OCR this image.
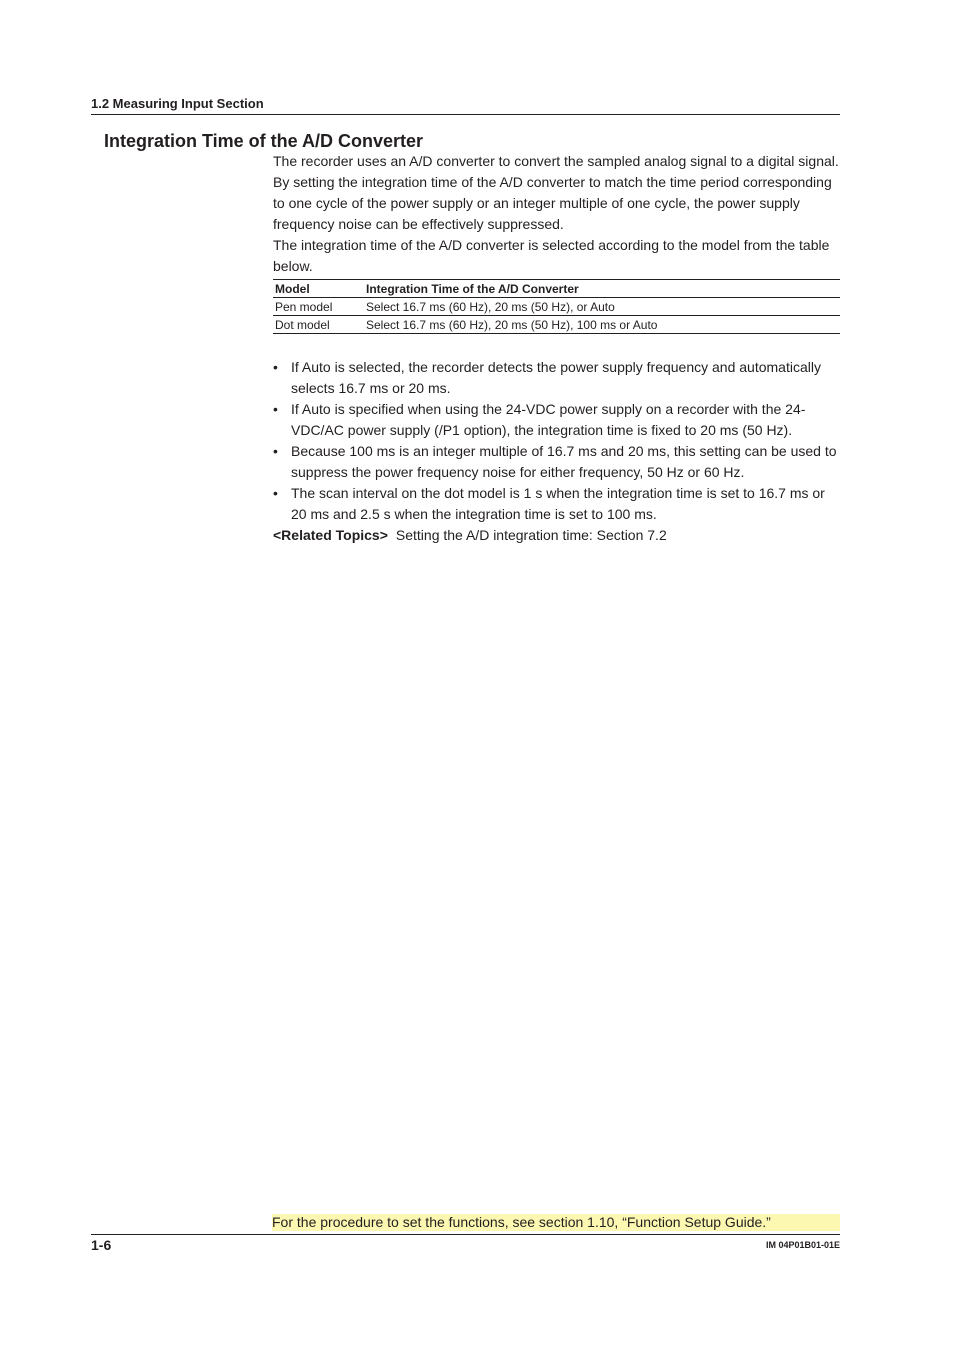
1.2 Measuring Input Section
Integration Time of the A/D Converter

The recorder uses an A/D converter to convert the sampled analog signal to a digital signal. By setting the integration time of the A/D converter to match the time period corresponding to one cycle of the power supply or an integer multiple of one cycle, the power supply frequency noise can be effectively suppressed.

The integration time of the A/D converter is selected according to the model from the table below.

Model	Integration Time of the A/D Converter
Pen model	Select 16.7 ms (60 Hz), 20 ms (50 Hz), or Auto
Dot model	Select 16.7 ms (60 Hz), 20 ms (50 Hz), 100 ms or Auto
• If Auto is selected, the recorder detects the power supply frequency and automatically selects 16.7 ms or 20 ms.
• If Auto is specified when using the 24-VDC power supply on a recorder with the 24-VDC/AC power supply (/P1 option), the integration time is fixed to 20 ms (50 Hz).
• Because 100 ms is an integer multiple of 16.7 ms and 20 ms, this setting can be used to suppress the power frequency noise for either frequency, 50 Hz or 60 Hz.
• The scan interval on the dot model is 1 s when the integration time is set to 16.7 ms or 20 ms and 2.5 s when the integration time is set to 100 ms.

<Related Topics> Setting the A/D integration time: Section 7.2

For the procedure to set the functions, see section 1.10, “Function Setup Guide.”
1-6	IM 04P01B01-01E
